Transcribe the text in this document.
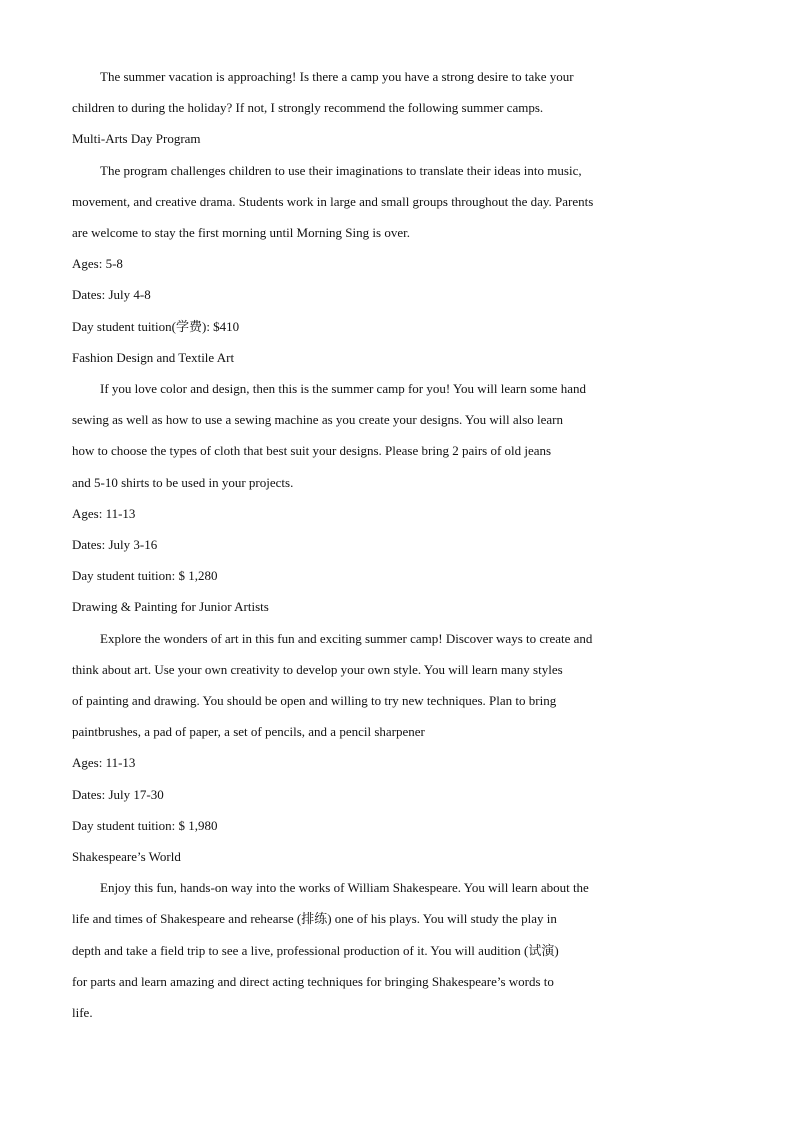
The summer vacation is approaching! Is there a camp you have a strong desire to take your

children to during the holiday? If not, I strongly recommend the following summer camps.

Multi-Arts Day Program

The program challenges children to use their imaginations to translate their ideas into music,

movement, and creative drama. Students work in large and small groups throughout the day. Parents

are welcome to stay the first morning until Morning Sing is over.

Ages: 5-8

Dates: July 4-8

Day student tuition(学费): $410

Fashion Design and Textile Art

If you love color and design, then this is the summer camp for you! You will learn some hand

sewing as well as how to use a sewing machine as you create your designs. You will also learn

how to choose the types of cloth that best suit your designs. Please bring 2 pairs of old jeans

and 5-10 shirts to be used in your projects.

Ages: 11-13

Dates: July 3-16

Day student tuition: $ 1,280

Drawing & Painting for Junior Artists

Explore the wonders of art in this fun and exciting summer camp! Discover ways to create and

think about art. Use your own creativity to develop your own style. You will learn many styles

of painting and drawing. You should be open and willing to try new techniques. Plan to bring

paintbrushes, a pad of paper, a set of pencils, and a pencil sharpener

Ages: 11-13

Dates: July 17-30

Day student tuition: $ 1,980

Shakespeare’s World

Enjoy this fun, hands-on way into the works of William Shakespeare. You will learn about the

life and times of Shakespeare and rehearse (排练) one of his plays. You will study the play in

depth and take a field trip to see a live, professional production of it. You will audition (试演)

for parts and learn amazing and direct acting techniques for bringing Shakespeare’s words to

life.
